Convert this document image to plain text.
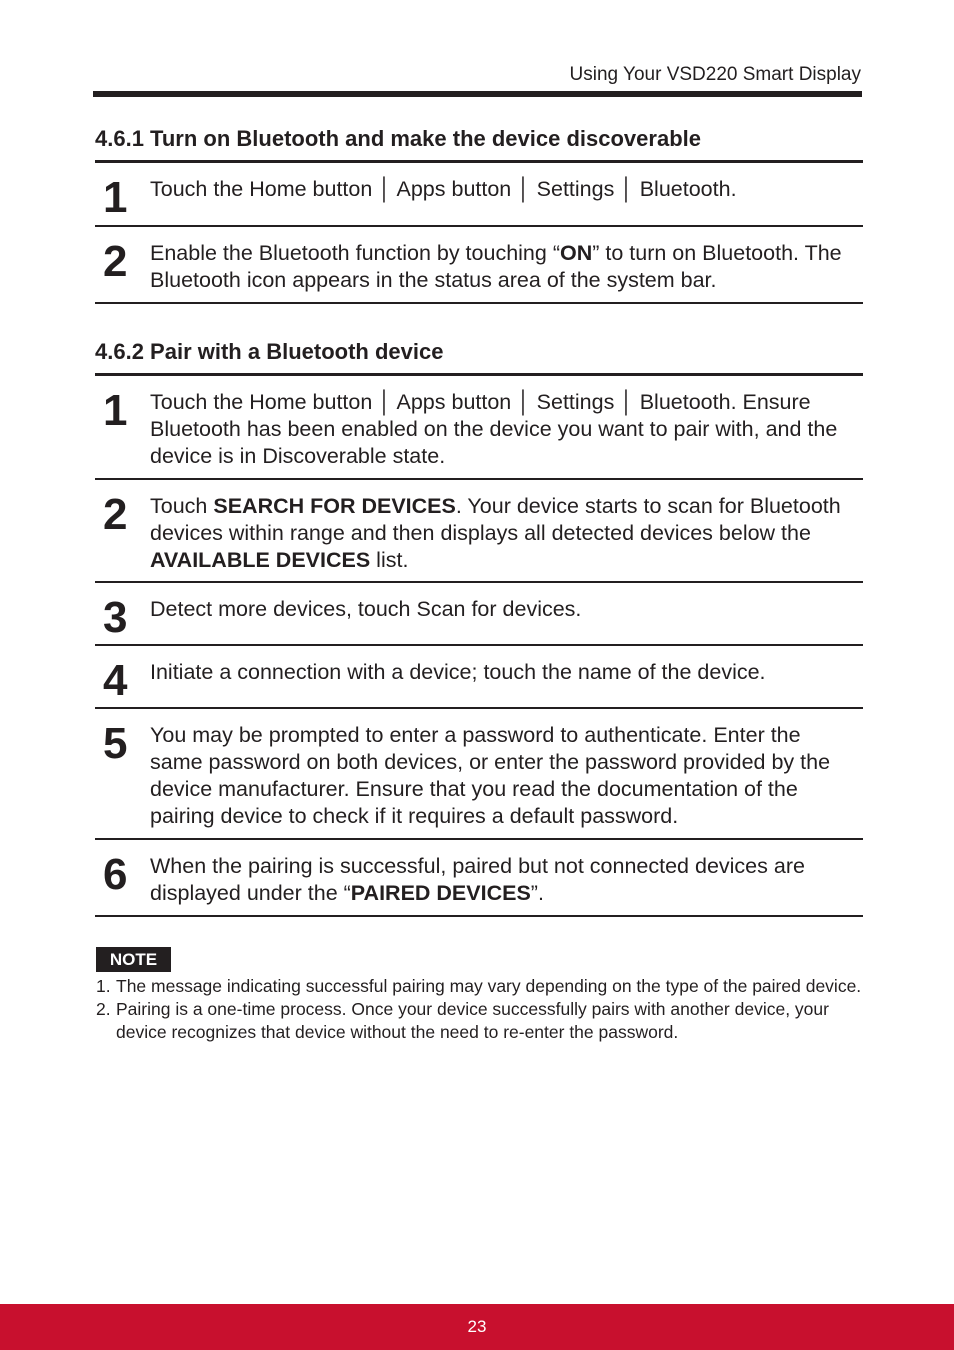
Using Your VSD220 Smart Display
4.6.1 Turn on Bluetooth and make the device discoverable
1	Touch the Home button │ Apps button │ Settings │ Bluetooth.
2	Enable the Bluetooth function by touching “ON” to turn on Bluetooth. The Bluetooth icon appears in the status area of the system bar.
4.6.2 Pair with a Bluetooth device
1	Touch the Home button │ Apps button │ Settings │ Bluetooth. Ensure Bluetooth has been enabled on the device you want to pair with, and the device is in Discoverable state.
2	Touch SEARCH FOR DEVICES. Your device starts to scan for Bluetooth devices within range and then displays all detected devices below the AVAILABLE DEVICES list.
3	Detect more devices, touch Scan for devices.
4	Initiate a connection with a device; touch the name of the device.
5	You may be prompted to enter a password to authenticate. Enter the same password on both devices, or enter the password provided by the device manufacturer. Ensure that you read the documentation of the pairing device to check if it requires a default password.
6	When the pairing is successful, paired but not connected devices are displayed under the “PAIRED DEVICES”.
NOTE
1. The message indicating successful pairing may vary depending on the type of the paired device.
2. Pairing is a one-time process. Once your device successfully pairs with another device, your device recognizes that device without the need to re-enter the password.
23
